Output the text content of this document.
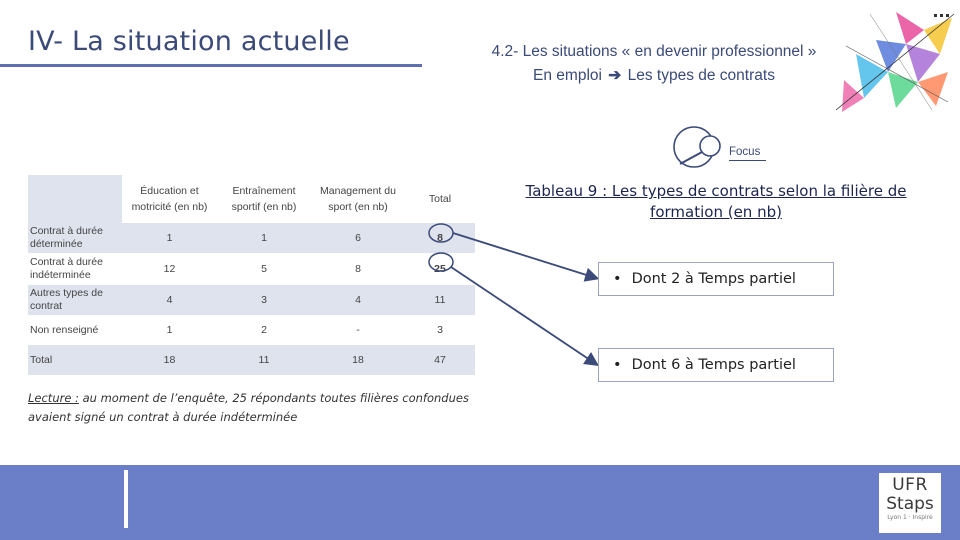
IV- La situation actuelle	4.2- Les situations « en devenir professionnel »
En emploi ➔ Les types de contrats
Focus
Tableau 9 : Les types de contrats selon la filière de formation (en nb)
	Éducation et motricité (en nb)	Entraînement sportif (en nb)	Management du sport (en nb)	Total
Contrat à durée déterminée	1	1	6	8
Contrat à durée indéterminée	12	5	8	25
Autres types de contrat	4	3	4	11
Non renseigné	1	2	-	3
Total	18	11	18	47
• Dont 2 à Temps partiel
• Dont 6 à Temps partiel
Lecture : au moment de l’enquête, 25 répondants toutes filières confondues avaient signé un contrat à durée indéterminée
UFR
Staps
Lyon 1 · Inspire
